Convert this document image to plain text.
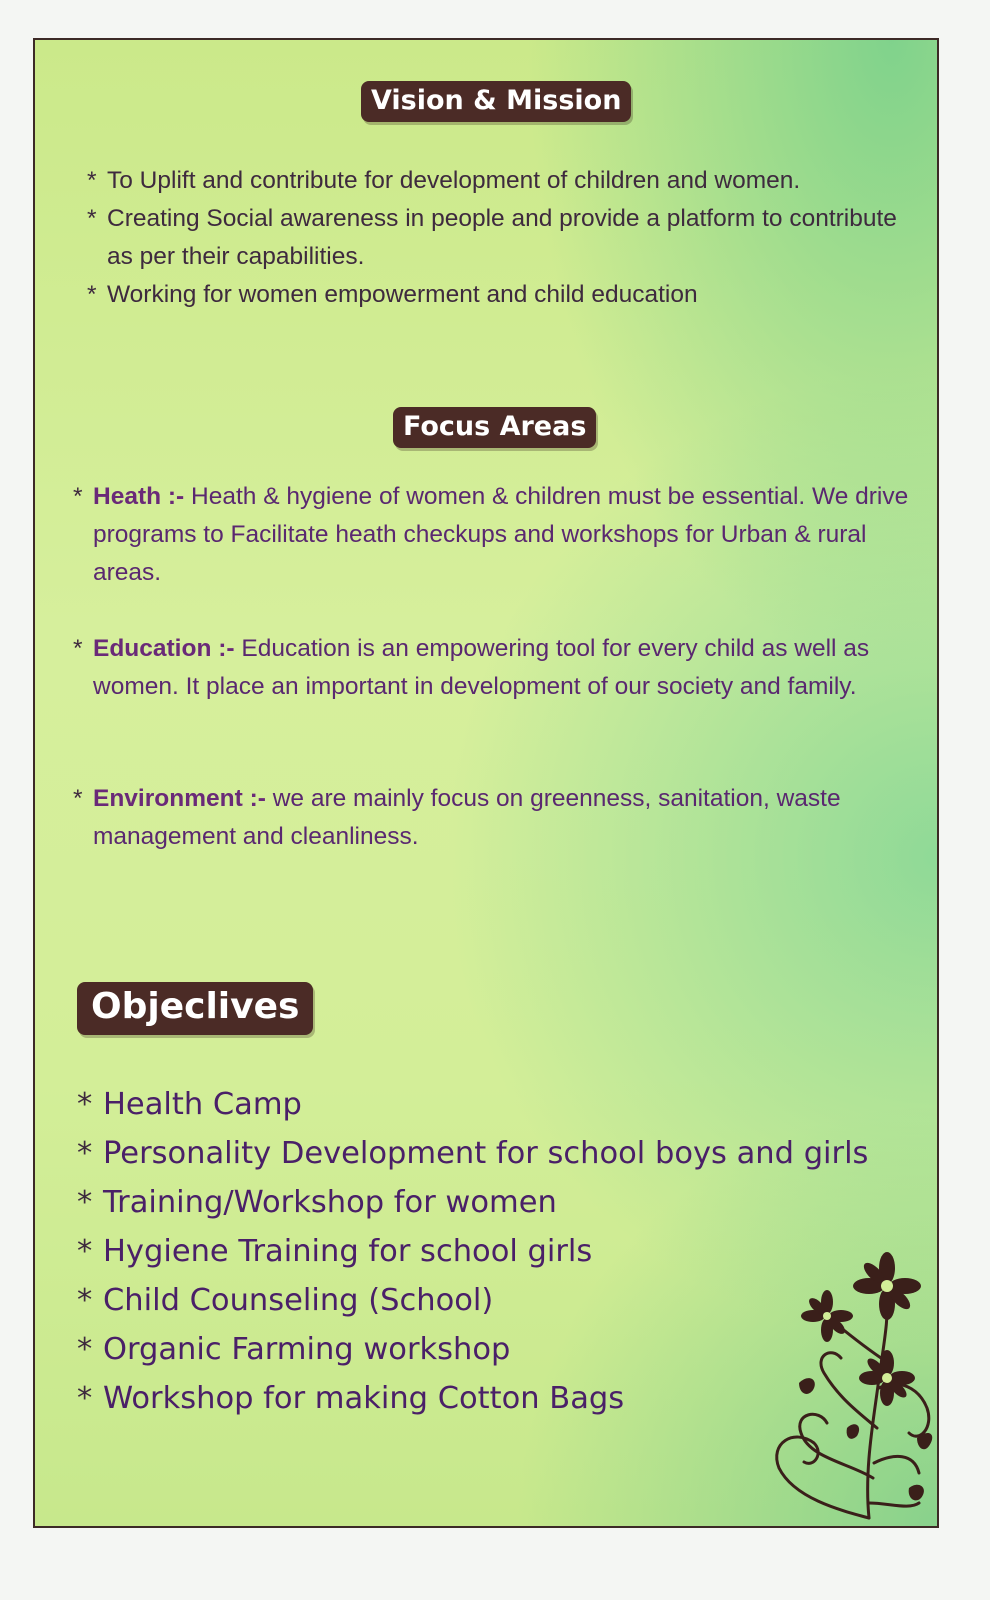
Vision & Mission
* To Uplift and contribute for development of children and women.
* Creating Social awareness in people and provide a platform to contribute as per their capabilities.
* Working for women empowerment and child education
Focus Areas
* Heath :- Heath & hygiene of women & children must be essential. We drive programs to Facilitate heath checkups and workshops for Urban & rural areas.
* Education :- Education is an empowering tool for every child as well as women. It place an important in development of our society and family.
* Environment :- we are mainly focus on greenness, sanitation, waste management and cleanliness.
Objeclives
* Health Camp
* Personality Development for school boys and girls
* Training/Workshop for women
* Hygiene Training for school girls
* Child Counseling (School)
* Organic Farming workshop
* Workshop for making Cotton Bags
